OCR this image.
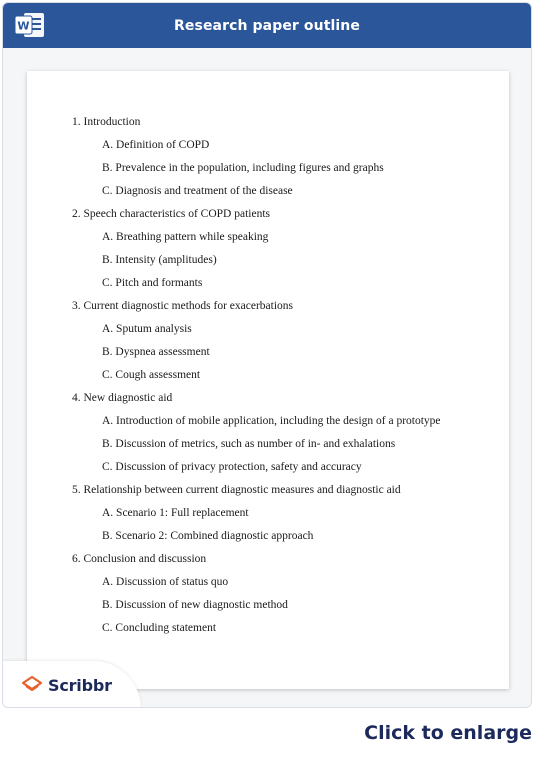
W	Research paper outline
1. Introduction
A. Definition of COPD
B. Prevalence in the population, including figures and graphs
C. Diagnosis and treatment of the disease
2. Speech characteristics of COPD patients
A. Breathing pattern while speaking
B. Intensity (amplitudes)
C. Pitch and formants
3. Current diagnostic methods for exacerbations
A. Sputum analysis
B. Dyspnea assessment
C. Cough assessment
4. New diagnostic aid
A. Introduction of mobile application, including the design of a prototype
B. Discussion of metrics, such as number of in- and exhalations
C. Discussion of privacy protection, safety and accuracy
5. Relationship between current diagnostic measures and diagnostic aid
A. Scenario 1: Full replacement
B. Scenario 2: Combined diagnostic approach
6. Conclusion and discussion
A. Discussion of status quo
B. Discussion of new diagnostic method
C. Concluding statement
Scribbr
Click to enlarge
